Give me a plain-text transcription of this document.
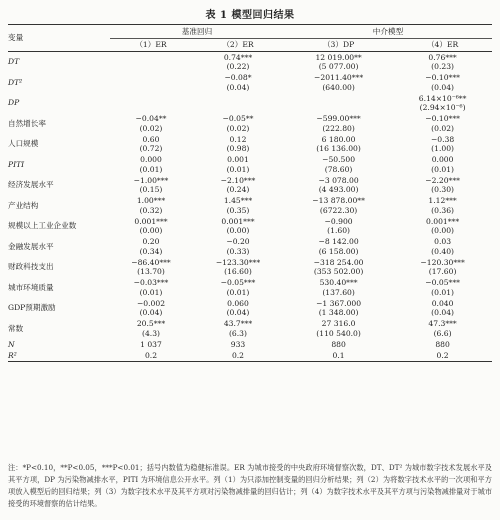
表 1 模型回归结果
变量	基准回归		中介模型	
	（1）ER	（2）ER	（3）DP	（4）ER
DT		0.74***	12 019.00**	0.76***
		(0.22)	(5 077.00)	(0.23)
DT²		−0.08*	−2011.40***	−0.10***
		(0.04)	(640.00)	(0.04)
DP				6.14×10⁻⁶**
				(2.94×10⁻⁶)
自然增长率	−0.04**	−0.05**	−599.00***	−0.10***
	(0.02)	(0.02)	(222.80)	(0.02)
人口规模	0.60	0.12	6 180.00	−0.38
	(0.72)	(0.98)	(16 136.00)	(1.00)
PITI	0.000	0.001	−50.500	0.000
	(0.01)	(0.01)	(78.60)	(0.01)
经济发展水平	−1.00***	−2.10***	−3 078.00	−2.20***
	(0.15)	(0.24)	(4 493.00)	(0.30)
产业结构	1.00***	1.45***	−13 878.00**	1.12***
	(0.32)	(0.35)	(6722.30)	(0.36)
规模以上工业企业数	0.001***	0.001***	−0.900	0.001***
	(0.00)	(0.00)	(1.60)	(0.00)
金融发展水平	0.20	−0.20	−8 142.00	0.03
	(0.34)	(0.33)	(6 158.00)	(0.40)
财政科技支出	−86.40***	−123.30***	−318 254.00	−120.30***
	(13.70)	(16.60)	(353 502.00)	(17.60)
城市环境质量	−0.03***	−0.05***	530.40***	−0.05***
	(0.01)	(0.01)	(137.60)	(0.01)
GDP预期激励	−0.002	0.060	−1 367.000	0.040
	(0.04)	(0.04)	(1 348.00)	(0.04)
常数	20.5***	43.7***	27 316.0	47.3***
	(4.3)	(6.3)	(110 540.0)	(6.6)
N	1 037	933	880	880
R²	0.2	0.2	0.1	0.2
注：*P<0.10，**P<0.05，***P<0.01；括号内数值为稳健标准误。ER 为城市接受的中央政府环境督察次数，DT、DT² 为城市数字技术发展水平及其平方项，DP 为污染物减排水平，PITI 为环境信息公开水平。列（1）为只添加控制变量的回归分析结果；列（2）为将数字技术水平的一次项和平方项放入模型后的回归结果；列（3）为数字技术水平及其平方项对污染物减排量的回归估计；列（4）为数字技术水平及其平方项与污染物减排量对于城市接受的环境督察的估计结果。
